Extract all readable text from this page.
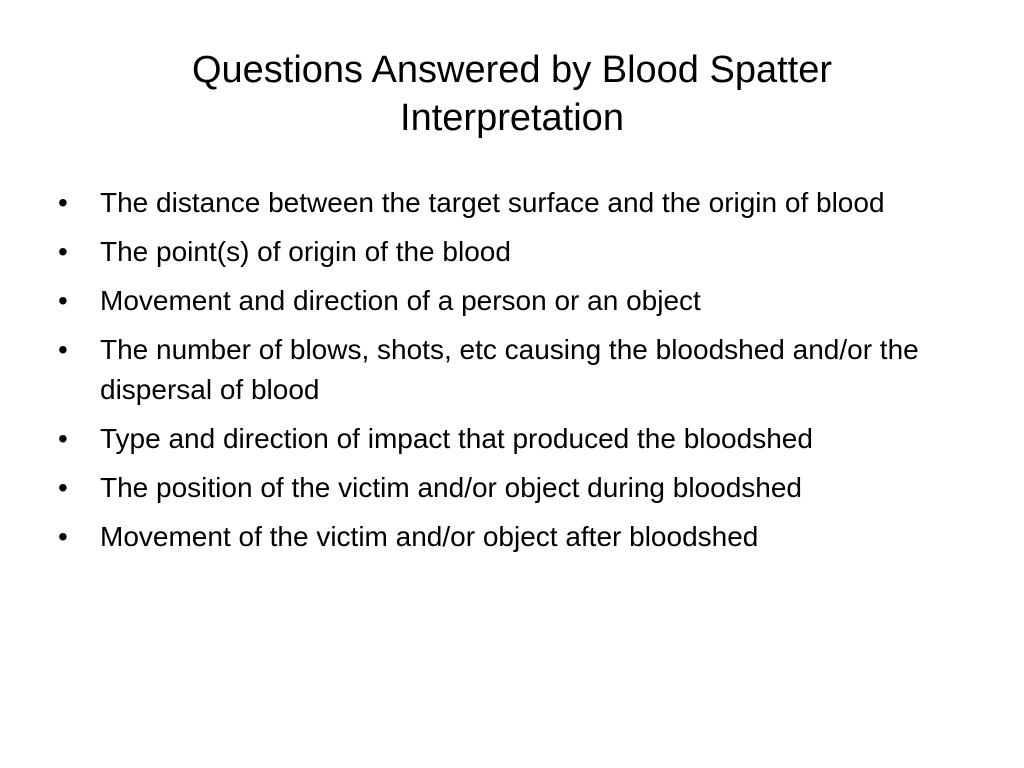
Questions Answered by Blood Spatter Interpretation
•	The distance between the target surface and the origin of blood
•	The point(s) of origin of the blood
•	Movement and direction of a person or an object
•	The number of blows, shots, etc causing the bloodshed and/or the dispersal of blood
•	Type and direction of impact that produced the bloodshed
•	The position of the victim and/or object during bloodshed
•	Movement of the victim and/or object after bloodshed
